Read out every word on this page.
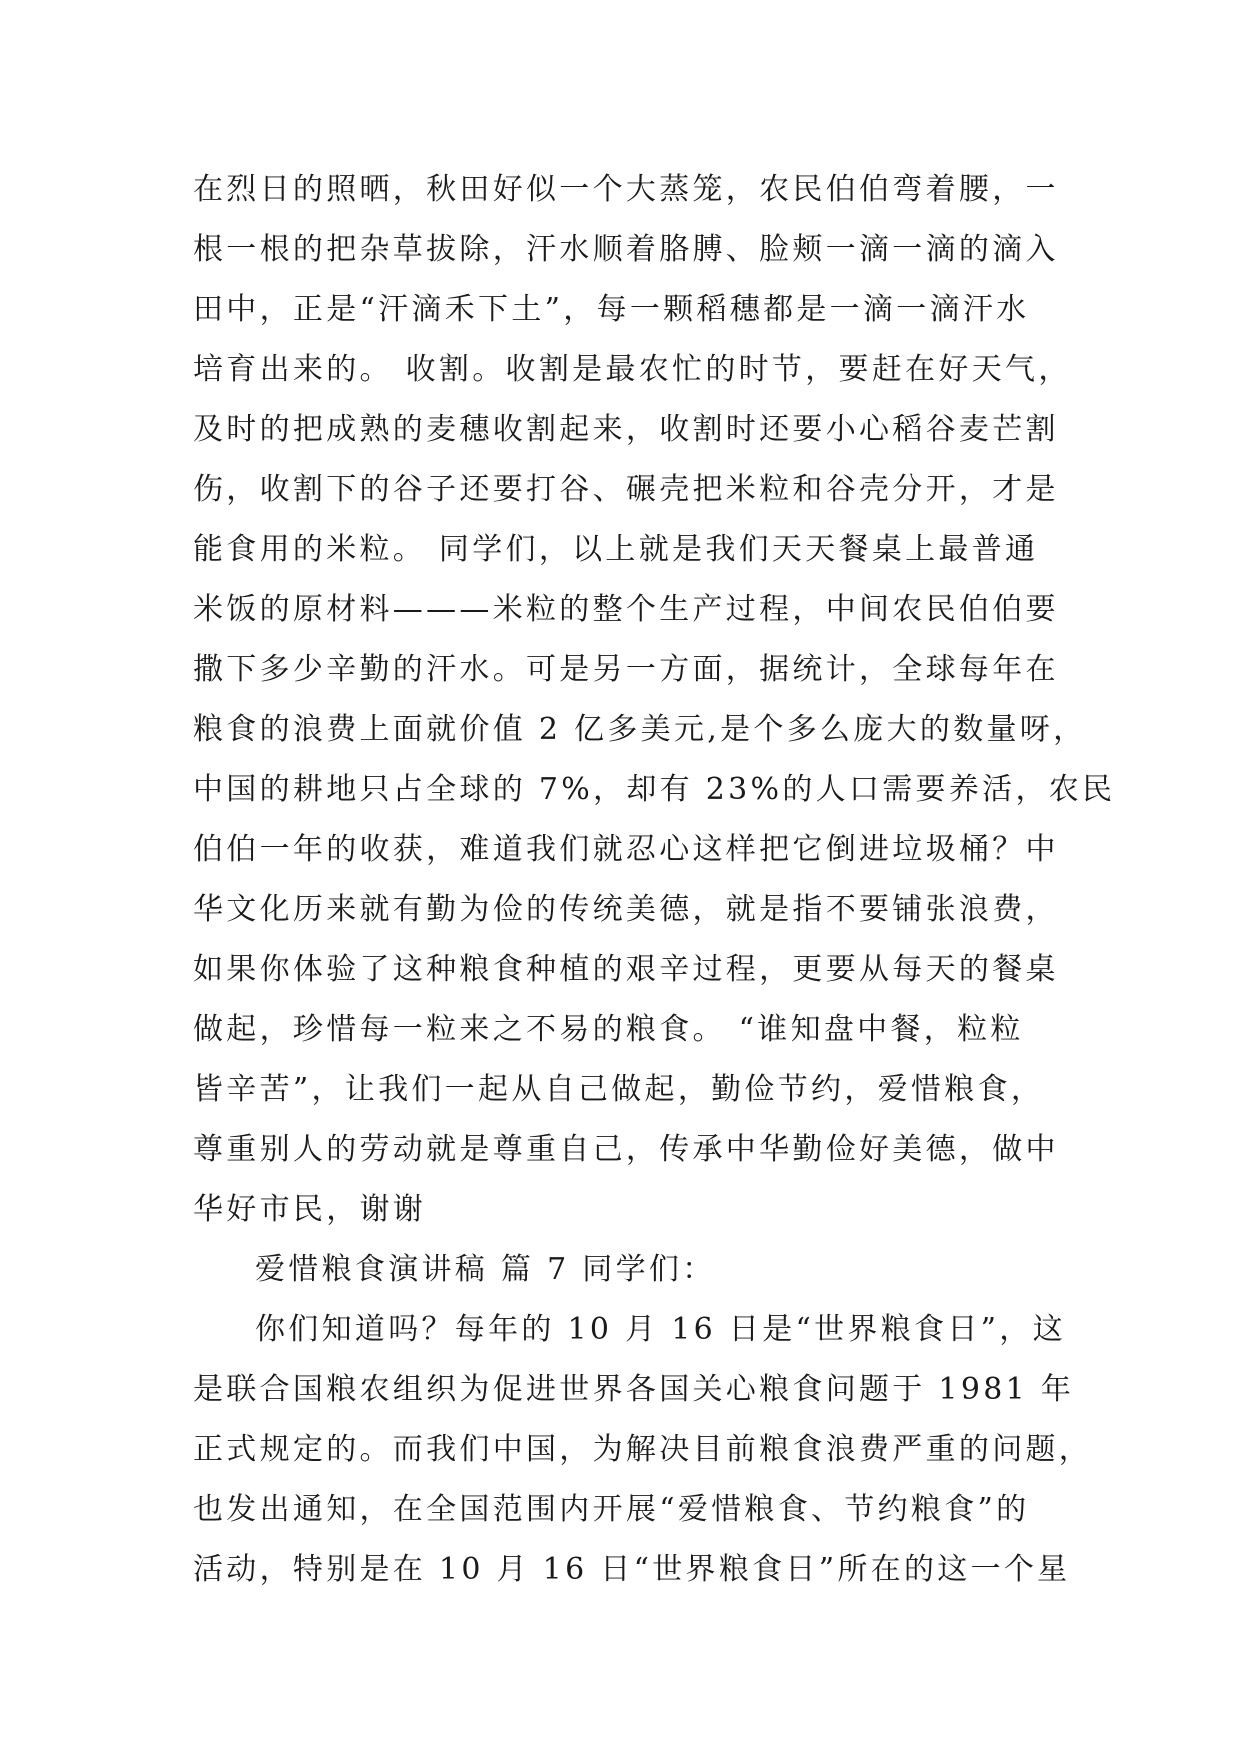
在烈日的照晒，秋田好似一个大蒸笼，农民伯伯弯着腰，一
根一根的把杂草拔除，汗水顺着胳膊、脸颊一滴一滴的滴入
田中，正是“汗滴禾下土”，每一颗稻穗都是一滴一滴汗水
培育出来的。 收割。收割是最农忙的时节，要赶在好天气，
及时的把成熟的麦穗收割起来，收割时还要小心稻谷麦芒割
伤，收割下的谷子还要打谷、碾壳把米粒和谷壳分开，才是
能食用的米粒。 同学们，以上就是我们天天餐桌上最普通
米饭的原材料———米粒的整个生产过程，中间农民伯伯要
撒下多少辛勤的汗水。可是另一方面，据统计，全球每年在
粮食的浪费上面就价值 2 亿多美元,是个多么庞大的数量呀，
中国的耕地只占全球的 7%，却有 23%的人口需要养活，农民
伯伯一年的收获，难道我们就忍心这样把它倒进垃圾桶？中
华文化历来就有勤为俭的传统美德，就是指不要铺张浪费，
如果你体验了这种粮食种植的艰辛过程，更要从每天的餐桌
做起，珍惜每一粒来之不易的粮食。 “谁知盘中餐，粒粒
皆辛苦”，让我们一起从自己做起，勤俭节约，爱惜粮食，
尊重别人的劳动就是尊重自己，传承中华勤俭好美德，做中
华好市民，谢谢
爱惜粮食演讲稿 篇 7 同学们：
你们知道吗？每年的 10 月 16 日是“世界粮食日”，这
是联合国粮农组织为促进世界各国关心粮食问题于 1981 年
正式规定的。而我们中国，为解决目前粮食浪费严重的问题，
也发出通知，在全国范围内开展“爱惜粮食、节约粮食”的
活动，特别是在 10 月 16 日“世界粮食日”所在的这一个星
